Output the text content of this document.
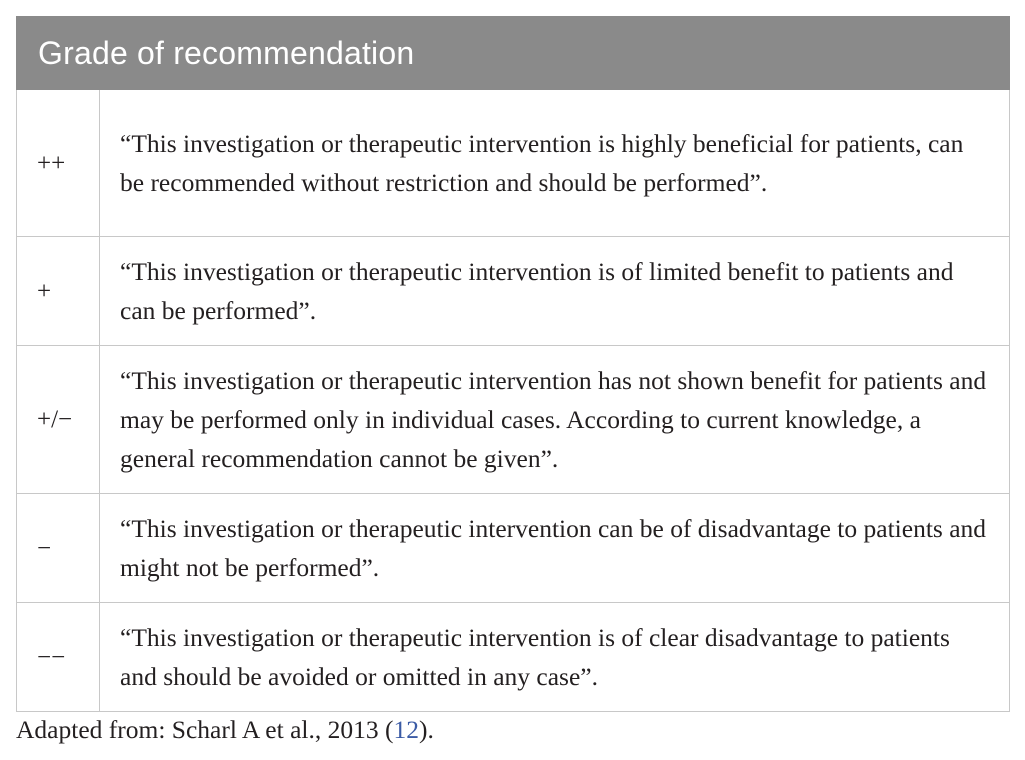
Grade of recommendation	
++	“This investigation or therapeutic intervention is highly beneficial for patients, can be recommended without restriction and should be performed”.
+	“This investigation or therapeutic intervention is of limited benefit to patients and can be performed”.
+/−	“This investigation or therapeutic intervention has not shown benefit for patients and may be performed only in individual cases. According to current knowledge, a general recommendation cannot be given”.
−	“This investigation or therapeutic intervention can be of disadvantage to patients and might not be performed”.
−−	“This investigation or therapeutic intervention is of clear disadvantage to patients and should be avoided or omitted in any case”.
Adapted from: Scharl A et al., 2013 (12).
